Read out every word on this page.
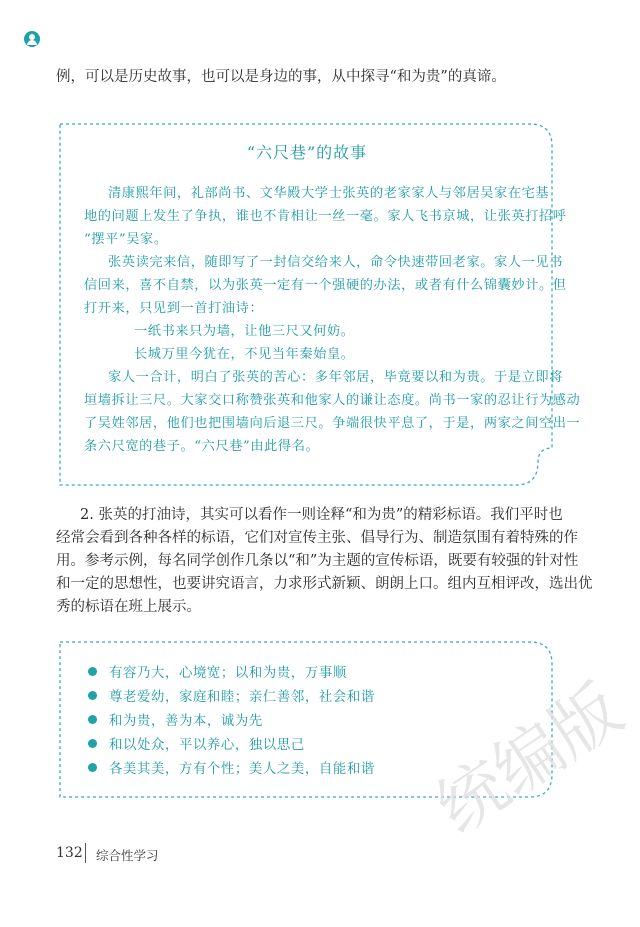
例，可以是历史故事，也可以是身边的事，从中探寻“和为贵”的真谛。
“六尺巷”的故事
清康熙年间，礼部尚书、文华殿大学士张英的老家家人与邻居吴家在宅基
地的问题上发生了争执，谁也不肯相让一丝一毫。家人飞书京城，让张英打招呼
“摆平”吴家。
张英读完来信，随即写了一封信交给来人，命令快速带回老家。家人一见书
信回来，喜不自禁，以为张英一定有一个强硬的办法，或者有什么锦囊妙计。但
打开来，只见到一首打油诗：
一纸书来只为墙，让他三尺又何妨。
长城万里今犹在，不见当年秦始皇。
家人一合计，明白了张英的苦心：多年邻居，毕竟要以和为贵。于是立即将
垣墙拆让三尺。大家交口称赞张英和他家人的谦让态度。尚书一家的忍让行为感动
了吴姓邻居，他们也把围墙向后退三尺。争端很快平息了，于是，两家之间空出一
条六尺宽的巷子。“六尺巷”由此得名。
2. 张英的打油诗，其实可以看作一则诠释“和为贵”的精彩标语。我们平时也
经常会看到各种各样的标语，它们对宣传主张、倡导行为、制造氛围有着特殊的作
用。参考示例，每名同学创作几条以“和”为主题的宣传标语，既要有较强的针对性
和一定的思想性，也要讲究语言，力求形式新颖、朗朗上口。组内互相评改，选出优
秀的标语在班上展示。
有容乃大，心境宽；以和为贵，万事顺
尊老爱幼，家庭和睦；亲仁善邻，社会和谐
和为贵，善为本，诚为先
和以处众，平以养心，独以思己
各美其美，方有个性；美人之美，自能和谐 统编版
132 综合性学习
